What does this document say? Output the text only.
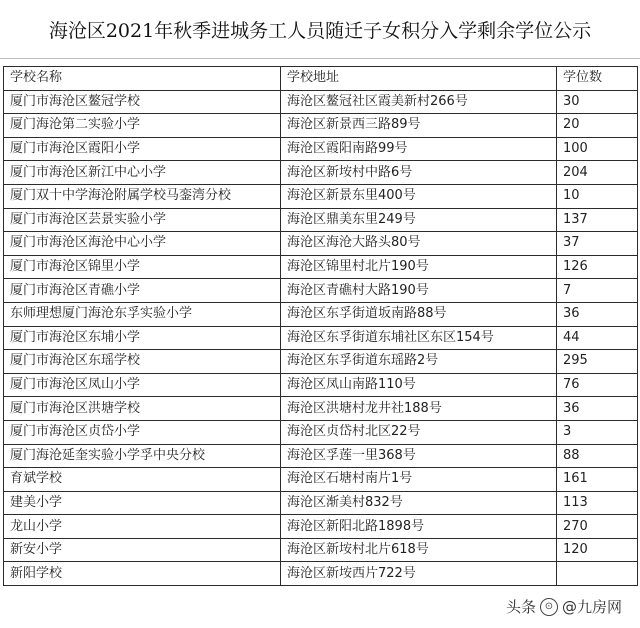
海沧区2021年秋季进城务工人员随迁子女积分入学剩余学位公示
学校名称	学校地址	学位数
厦门市海沧区鳌冠学校	海沧区鳌冠社区霞美新村266号	30
厦门海沧第二实验小学	海沧区新景西三路89号	20
厦门市海沧区霞阳小学	海沧区霞阳南路99号	100
厦门市海沧区新江中心小学	海沧区新垵村中路6号	204
厦门双十中学海沧附属学校马銮湾分校	海沧区新景东里400号	10
厦门市海沧区芸景实验小学	海沧区鼎美东里249号	137
厦门市海沧区海沧中心小学	海沧区海沧大路头80号	37
厦门市海沧区锦里小学	海沧区锦里村北片190号	126
厦门市海沧区青礁小学	海沧区青礁村大路190号	7
东师理想厦门海沧东孚实验小学	海沧区东孚街道坂南路88号	36
厦门市海沧区东埔小学	海沧区东孚街道东埔社区东区154号	44
厦门市海沧区东瑶学校	海沧区东孚街道东瑶路2号	295
厦门市海沧区凤山小学	海沧区凤山南路110号	76
厦门市海沧区洪塘学校	海沧区洪塘村龙井社188号	36
厦门市海沧区贞岱小学	海沧区贞岱村北区22号	3
厦门海沧延奎实验小学孚中央分校	海沧区孚莲一里368号	88
育斌学校	海沧区石塘村南片1号	161
建美小学	海沧区渐美村832号	113
龙山小学	海沧区新阳北路1898号	270
新安小学	海沧区新垵村北片618号	120
新阳学校	海沧区新垵西片722号	
头条 ⊙ @九房网
